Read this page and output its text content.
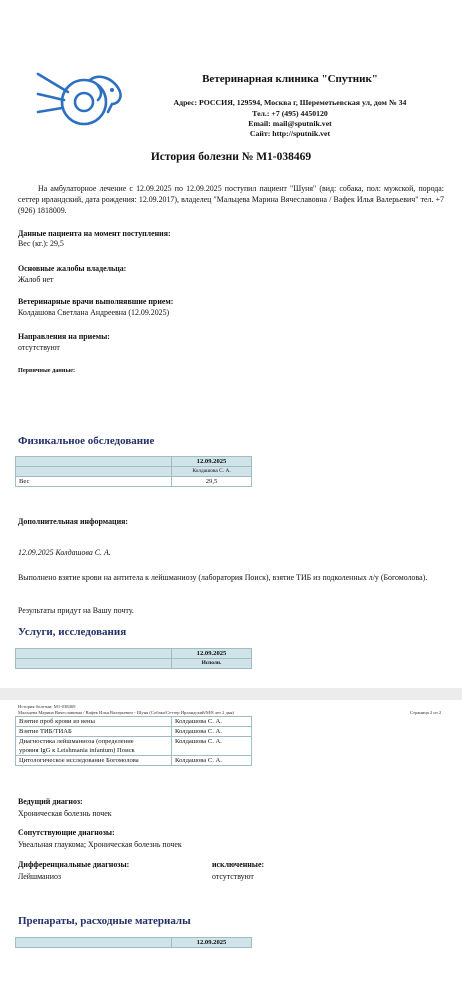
Ветеринарная клиника "Спутник"
Адрес: РОССИЯ, 129594, Москва г, Шереметьевская ул, дом № 34
Тел.: +7 (495) 4450120
Email: mail@sputnik.vet
Сайт: http://sputnik.vet
История болезни № М1-038469
На амбулаторное лечение с 12.09.2025 по 12.09.2025 поступил пациент "Шуня" (вид: собака, пол: мужской, порода: сеттер ирландский, дата рождения: 12.09.2017), владелец "Мальцева Марина Вячеславовна / Вафек Илья Валерьевич" тел. +7 (926) 1818009.
Данные пациента на момент поступления:
Вес (кг.): 29,5
Основные жалобы владельца:
Жалоб нет
Ветеринарные врачи выполнявшие прием:
Колдашова Светлана Андреевна (12.09.2025)
Направления на приемы:
отсутствуют
Первичные данные:
Физикальное обследование
	12.09.2025
	Колдашова С. А.
Вес	29,5
Дополнительная информация:
12.09.2025 Колдашова С. А.
Выполнено взятие крови на антитела к лейшманиозу (лаборатория Поиск), взятие ТИБ из подколенных л/у (Богомолова).
Результаты придут на Вашу почту.
Услуги, исследования
	12.09.2025
	Исполн.
История болезни: М1-038469
Мальцева Марина Вячеславовна / Вафек Илья Валерьевич - Шуня (Собака/Сеттер Ирландский/М/8 лет 2 дня)	Страница 2 из 2
Взятие проб крови из вены	Колдашова С. А.
Взятие ТИБ/ТИАБ	Колдашова С. А.

Диагностика лейшманиоза (определение
уровня IgG к Leishmania infantum) Поиск	Колдашова С. А.
Цитологическое исследование Богомолова	Колдашова С. А.
Ведущий диагноз:
Хроническая болезнь почек
Сопутствующие диагнозы:
Увеальная глаукома; Хроническая болезнь почек
Дифференциальные диагнозы:
Лейшманиоз
исключенные:
отсутствуют
Препараты, расходные материалы
	12.09.2025
